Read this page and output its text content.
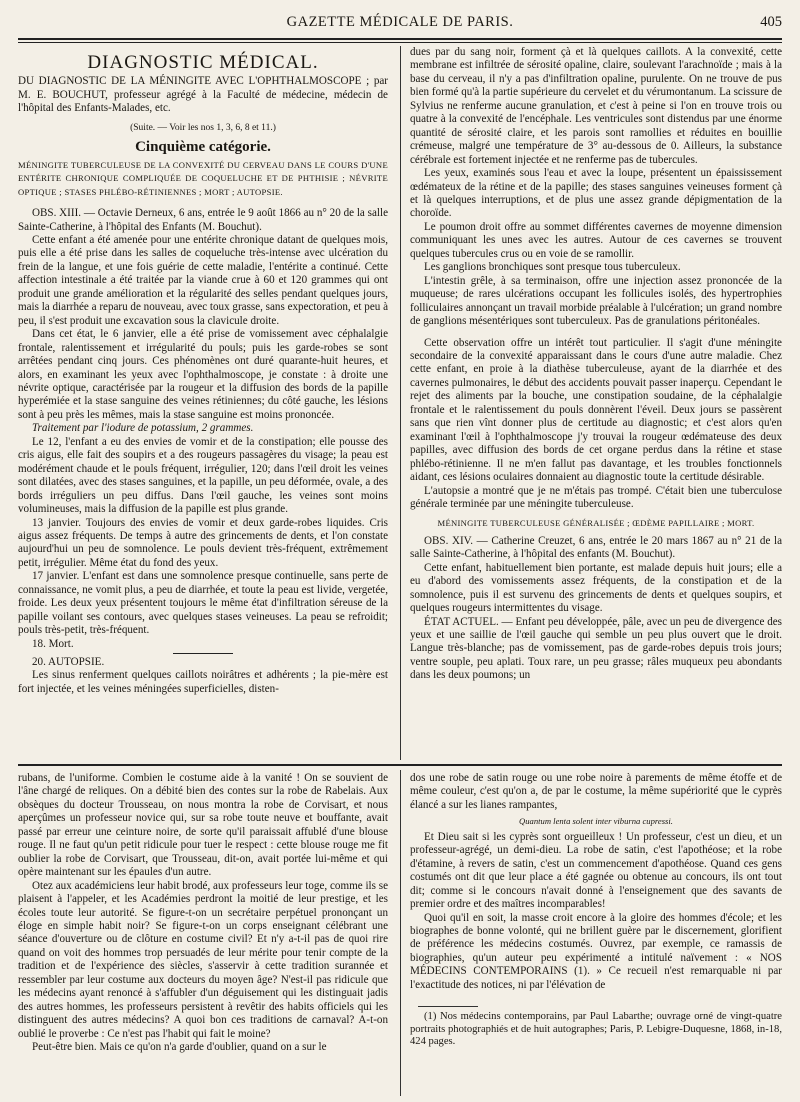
GAZETTE MÉDICALE DE PARIS.	405
DIAGNOSTIC MÉDICAL.

DU DIAGNOSTIC DE LA MÉNINGITE AVEC L'OPHTHALMOSCOPE ; par M. E. BOUCHUT, professeur agrégé à la Faculté de médecine, médecin de l'hôpital des Enfants-Malades, etc.

(Suite. — Voir les nos 1, 3, 6, 8 et 11.)
Cinquième catégorie.

MÉNINGITE TUBERCULEUSE DE LA CONVEXITÉ DU CERVEAU DANS LE COURS D'UNE ENTÉRITE CHRONIQUE COMPLIQUÉE DE COQUELUCHE ET DE PHTHISIE ; NÉVRITE OPTIQUE ; STASES PHLÉBO-RÉTINIENNES ; MORT ; AUTOPSIE.

OBS. XIII. — Octavie Derneux, 6 ans, entrée le 9 août 1866 au n° 20 de la salle Sainte-Catherine, à l'hôpital des Enfants (M. Bouchut).

Cette enfant a été amenée pour une entérite chronique datant de quelques mois, puis elle a été prise dans les salles de coqueluche très-intense avec ulcération du frein de la langue, et une fois guérie de cette maladie, l'entérite a continué. Cette affection intestinale a été traitée par la viande crue à 60 et 120 grammes qui ont produit une grande amélioration et la régularité des selles pendant quelques jours, mais la diarrhée a reparu de nouveau, avec toux grasse, sans expectoration, et peu à peu, il s'est produit une excavation sous la clavicule droite.

Dans cet état, le 6 janvier, elle a été prise de vomissement avec céphalalgie frontale, ralentissement et irrégularité du pouls; puis les garde-robes se sont arrêtées pendant cinq jours. Ces phénomènes ont duré quarante-huit heures, et alors, en examinant les yeux avec l'ophthalmoscope, je constate : à droite une névrite optique, caractérisée par la rougeur et la diffusion des bords de la papille hyperémiée et la stase sanguine des veines rétiniennes; du côté gauche, les lésions sont à peu près les mêmes, mais la stase sanguine est moins prononcée.

Traitement par l'iodure de potassium, 2 grammes.

Le 12, l'enfant a eu des envies de vomir et de la constipation; elle pousse des cris aigus, elle fait des soupirs et a des rougeurs passagères du visage; la peau est modérément chaude et le pouls fréquent, irrégulier, 120; dans l'œil droit les veines sont dilatées, avec des stases sanguines, et la papille, un peu déformée, ovale, a des bords irréguliers un peu diffus. Dans l'œil gauche, les veines sont moins volumineuses, mais la diffusion de la papille est plus grande.

13 janvier. Toujours des envies de vomir et deux garde-robes liquides. Cris aigus assez fréquents. De temps à autre des grincements de dents, et l'on constate aujourd'hui un peu de somnolence. Le pouls devient très-fréquent, extrêmement petit, irrégulier. Même état du fond des yeux.

17 janvier. L'enfant est dans une somnolence presque continuelle, sans perte de connaissance, ne vomit plus, a peu de diarrhée, et toute la peau est livide, vergetée, froide. Les deux yeux présentent toujours le même état d'infiltration séreuse de la papille voilant ses contours, avec quelques stases veineuses. La peau se refroidit; pouls très-petit, très-fréquent.

18. Mort.

20. AUTOPSIE.

Les sinus renferment quelques caillots noirâtres et adhérents ; la pie-mère est fort injectée, et les veines méningées superficielles, disten-

dues par du sang noir, forment çà et là quelques caillots. A la convexité, cette membrane est infiltrée de sérosité opaline, claire, soulevant l'arachnoïde ; mais à la base du cerveau, il n'y a pas d'infiltration opaline, purulente. On ne trouve de pus bien formé qu'à la partie supérieure du cervelet et du vérumontanum. La scissure de Sylvius ne renferme aucune granulation, et c'est à peine si l'on en trouve trois ou quatre à la convexité de l'encéphale. Les ventricules sont distendus par une énorme quantité de sérosité claire, et les parois sont ramollies et réduites en bouillie crémeuse, malgré une température de 3° au-dessous de 0. Ailleurs, la substance cérébrale est fortement injectée et ne renferme pas de tubercules.

Les yeux, examinés sous l'eau et avec la loupe, présentent un épaississement œdémateux de la rétine et de la papille; des stases sanguines veineuses forment çà et là quelques interruptions, et de plus une assez grande dépigmentation de la choroïde.

Le poumon droit offre au sommet différentes cavernes de moyenne dimension communiquant les unes avec les autres. Autour de ces cavernes se trouvent quelques tubercules crus ou en voie de se ramollir.

Les ganglions bronchiques sont presque tous tuberculeux.

L'intestin grêle, à sa terminaison, offre une injection assez prononcée de la muqueuse; de rares ulcérations occupant les follicules isolés, des hypertrophies folliculaires annonçant un travail morbide préalable à l'ulcération; un grand nombre de ganglions mésentériques sont tuberculeux. Pas de granulations péritonéales.

Cette observation offre un intérêt tout particulier. Il s'agit d'une méningite secondaire de la convexité apparaissant dans le cours d'une autre maladie. Chez cette enfant, en proie à la diathèse tuberculeuse, ayant de la diarrhée et des cavernes pulmonaires, le début des accidents pouvait passer inaperçu. Cependant le rejet des aliments par la bouche, une constipation soudaine, de la céphalalgie frontale et le ralentissement du pouls donnèrent l'éveil. Deux jours se passèrent sans que rien vînt donner plus de certitude au diagnostic; et c'est alors qu'en examinant l'œil à l'ophthalmoscope j'y trouvai la rougeur œdémateuse des deux papilles, avec diffusion des bords de cet organe perdus dans la rétine et stase phlébo-rétinienne. Il ne m'en fallut pas davantage, et les troubles fonctionnels aidant, ces lésions oculaires donnaient au diagnostic toute la certitude désirable.

L'autopsie a montré que je ne m'étais pas trompé. C'était bien une tuberculose générale terminée par une méningite tuberculeuse.

MÉNINGITE TUBERCULEUSE GÉNÉRALISÉE ; ŒDÈME PAPILLAIRE ; MORT.

OBS. XIV. — Catherine Creuzet, 6 ans, entrée le 20 mars 1867 au n° 21 de la salle Sainte-Catherine, à l'hôpital des enfants (M. Bouchut).

Cette enfant, habituellement bien portante, est malade depuis huit jours; elle a eu d'abord des vomissements assez fréquents, de la constipation et de la somnolence, puis il est survenu des grincements de dents et quelques soupirs, et quelques rougeurs intermittentes du visage.

ÉTAT ACTUEL. — Enfant peu développée, pâle, avec un peu de divergence des yeux et une saillie de l'œil gauche qui semble un peu plus ouvert que le droit. Langue très-blanche; pas de vomissement, pas de garde-robes depuis trois jours; ventre souple, peu aplati. Toux rare, un peu grasse; râles muqueux peu abondants dans les deux poumons; un

rubans, de l'uniforme. Combien le costume aide à la vanité ! On se souvient de l'âne chargé de reliques. On a débité bien des contes sur la robe de Rabelais. Aux obsèques du docteur Trousseau, on nous montra la robe de Corvisart, et nous aperçûmes un professeur novice qui, sur sa robe toute neuve et bouffante, avait passé par erreur une ceinture noire, de sorte qu'il paraissait affublé d'une blouse rouge. Il ne faut qu'un petit ridicule pour tuer le respect : cette blouse rouge me fit oublier la robe de Corvisart, que Trousseau, dit-on, avait portée lui-même et qui opère maintenant sur les épaules d'un autre.

Otez aux académiciens leur habit brodé, aux professeurs leur toge, comme ils se plaisent à l'appeler, et les Académies perdront la moitié de leur prestige, et les écoles toute leur autorité. Se figure-t-on un secrétaire perpétuel prononçant un éloge en simple habit noir? Se figure-t-on un corps enseignant célébrant une séance d'ouverture ou de clôture en costume civil? Et n'y a-t-il pas de quoi rire quand on voit des hommes trop persuadés de leur mérite pour tenir compte de la tradition et de l'expérience des siècles, s'asservir à cette tradition surannée et ressembler par leur costume aux docteurs du moyen âge? N'est-il pas ridicule que les médecins ayant renoncé à s'affubler d'un déguisement qui les distinguait jadis des autres hommes, les professeurs persistent à revêtir des habits officiels qui les distinguent des autres médecins? A quoi bon ces traditions de carnaval? A-t-on oublié le proverbe : Ce n'est pas l'habit qui fait le moine?

Peut-être bien. Mais ce qu'on n'a garde d'oublier, quand on a sur le

dos une robe de satin rouge ou une robe noire à parements de même étoffe et de même couleur, c'est qu'on a, de par le costume, la même supériorité que le cyprès élancé a sur les lianes rampantes,

Quantum lenta solent inter viburna cupressi.

Et Dieu sait si les cyprès sont orgueilleux ! Un professeur, c'est un dieu, et un professeur-agrégé, un demi-dieu. La robe de satin, c'est l'apothéose; et la robe d'étamine, à revers de satin, c'est un commencement d'apothéose. Quand ces gens costumés ont dit que leur place a été gagnée ou obtenue au concours, ils ont tout dit; comme si le concours n'avait donné à l'enseignement que des savants de premier ordre et des maîtres incomparables!

Quoi qu'il en soit, la masse croit encore à la gloire des hommes d'école; et les biographes de bonne volonté, qui ne brillent guère par le discernement, glorifient de préférence les médecins costumés. Ouvrez, par exemple, ce ramassis de biographies, qu'un auteur peu expérimenté a intitulé naïvement : « NOS MÉDECINS CONTEMPORAINS (1). » Ce recueil n'est remarquable ni par l'exactitude des notices, ni par l'élévation de

(1) Nos médecins contemporains, par Paul Labarthe; ouvrage orné de vingt-quatre portraits photographiés et de huit autographes; Paris, P. Lebigre-Duquesne, 1868, in-18, 424 pages.
